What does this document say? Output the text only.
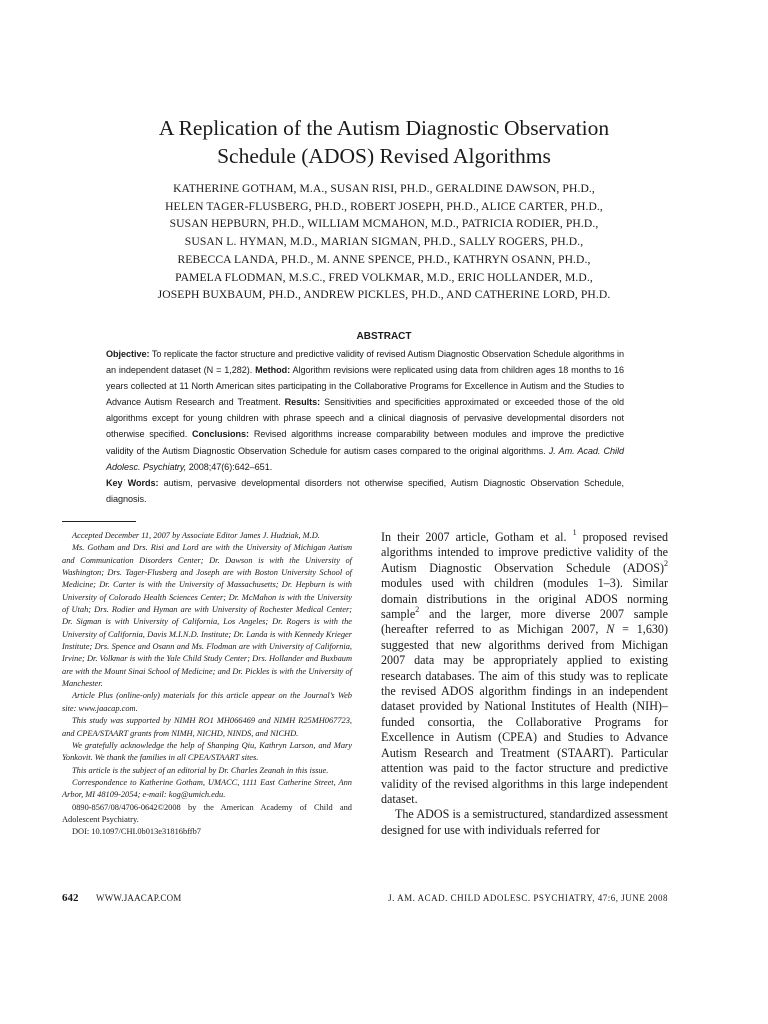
A Replication of the Autism Diagnostic Observation
Schedule (ADOS) Revised Algorithms
KATHERINE GOTHAM, M.A., SUSAN RISI, PH.D., GERALDINE DAWSON, PH.D.,
HELEN TAGER-FLUSBERG, PH.D., ROBERT JOSEPH, PH.D., ALICE CARTER, PH.D.,
SUSAN HEPBURN, PH.D., WILLIAM MCMAHON, M.D., PATRICIA RODIER, PH.D.,
SUSAN L. HYMAN, M.D., MARIAN SIGMAN, PH.D., SALLY ROGERS, PH.D.,
REBECCA LANDA, PH.D., M. ANNE SPENCE, PH.D., KATHRYN OSANN, PH.D.,
PAMELA FLODMAN, M.S.C., FRED VOLKMAR, M.D., ERIC HOLLANDER, M.D.,
JOSEPH BUXBAUM, PH.D., ANDREW PICKLES, PH.D., AND CATHERINE LORD, PH.D.
ABSTRACT
Objective: To replicate the factor structure and predictive validity of revised Autism Diagnostic Observation Schedule algorithms in an independent dataset (N = 1,282). Method: Algorithm revisions were replicated using data from children ages 18 months to 16 years collected at 11 North American sites participating in the Collaborative Programs for Excellence in Autism and the Studies to Advance Autism Research and Treatment. Results: Sensitivities and specificities approximated or exceeded those of the old algorithms except for young children with phrase speech and a clinical diagnosis of pervasive developmental disorders not otherwise specified. Conclusions: Revised algorithms increase comparability between modules and improve the predictive validity of the Autism Diagnostic Observation Schedule for autism cases compared to the original algorithms. J. Am. Acad. Child Adolesc. Psychiatry, 2008;47(6):642–651.
Key Words: autism, pervasive developmental disorders not otherwise specified, Autism Diagnostic Observation Schedule, diagnosis.

Accepted December 11, 2007 by Associate Editor James J. Hudziak, M.D.

Ms. Gotham and Drs. Risi and Lord are with the University of Michigan Autism and Communication Disorders Center; Dr. Dawson is with the University of Washington; Drs. Tager-Flusberg and Joseph are with Boston University School of Medicine; Dr. Carter is with the University of Massachusetts; Dr. Hepburn is with University of Colorado Health Sciences Center; Dr. McMahon is with the University of Utah; Drs. Rodier and Hyman are with University of Rochester Medical Center; Dr. Sigman is with University of California, Los Angeles; Dr. Rogers is with the University of California, Davis M.I.N.D. Institute; Dr. Landa is with Kennedy Krieger Institute; Drs. Spence and Osann and Ms. Flodman are with University of California, Irvine; Dr. Volkmar is with the Yale Child Study Center; Drs. Hollander and Buxbaum are with the Mount Sinai School of Medicine; and Dr. Pickles is with the University of Manchester.

Article Plus (online-only) materials for this article appear on the Journal’s Web site: www.jaacap.com.

This study was supported by NIMH RO1 MH066469 and NIMH R25MH067723, and CPEA/STAART grants from NIMH, NICHD, NINDS, and NICHD.

We gratefully acknowledge the help of Shanping Qiu, Kathryn Larson, and Mary Yonkovit. We thank the families in all CPEA/STAART sites.

This article is the subject of an editorial by Dr. Charles Zeanah in this issue.

Correspondence to Katherine Gotham, UMACC, 1111 East Catherine Street, Ann Arbor, MI 48109-2054; e-mail: kog@umich.edu.

0890-8567/08/4706-0642©2008 by the American Academy of Child and Adolescent Psychiatry.

DOI: 10.1097/CHI.0b013e31816bffb7

In their 2007 article, Gotham et al. $^1$ proposed revised algorithms intended to improve predictive validity of the Autism Diagnostic Observation Schedule (ADOS)$^2$ modules used with children (modules 1–3). Similar domain distributions in the original ADOS norming sample$^2$ and the larger, more diverse 2007 sample (hereafter referred to as Michigan 2007, N = 1,630) suggested that new algorithms derived from Michigan 2007 data may be appropriately applied to existing research databases. The aim of this study was to replicate the revised ADOS algorithm findings in an independent dataset provided by National Institutes of Health (NIH)–funded consortia, the Collaborative Programs for Excellence in Autism (CPEA) and Studies to Advance Autism Research and Treatment (STAART). Particular attention was paid to the factor structure and predictive validity of the revised algorithms in this large independent dataset.

The ADOS is a semistructured, standardized assessment designed for use with individuals referred for

642 WWW.JAACAP.COM	J. AM. ACAD. CHILD ADOLESC. PSYCHIATRY, 47:6, JUNE 2008
